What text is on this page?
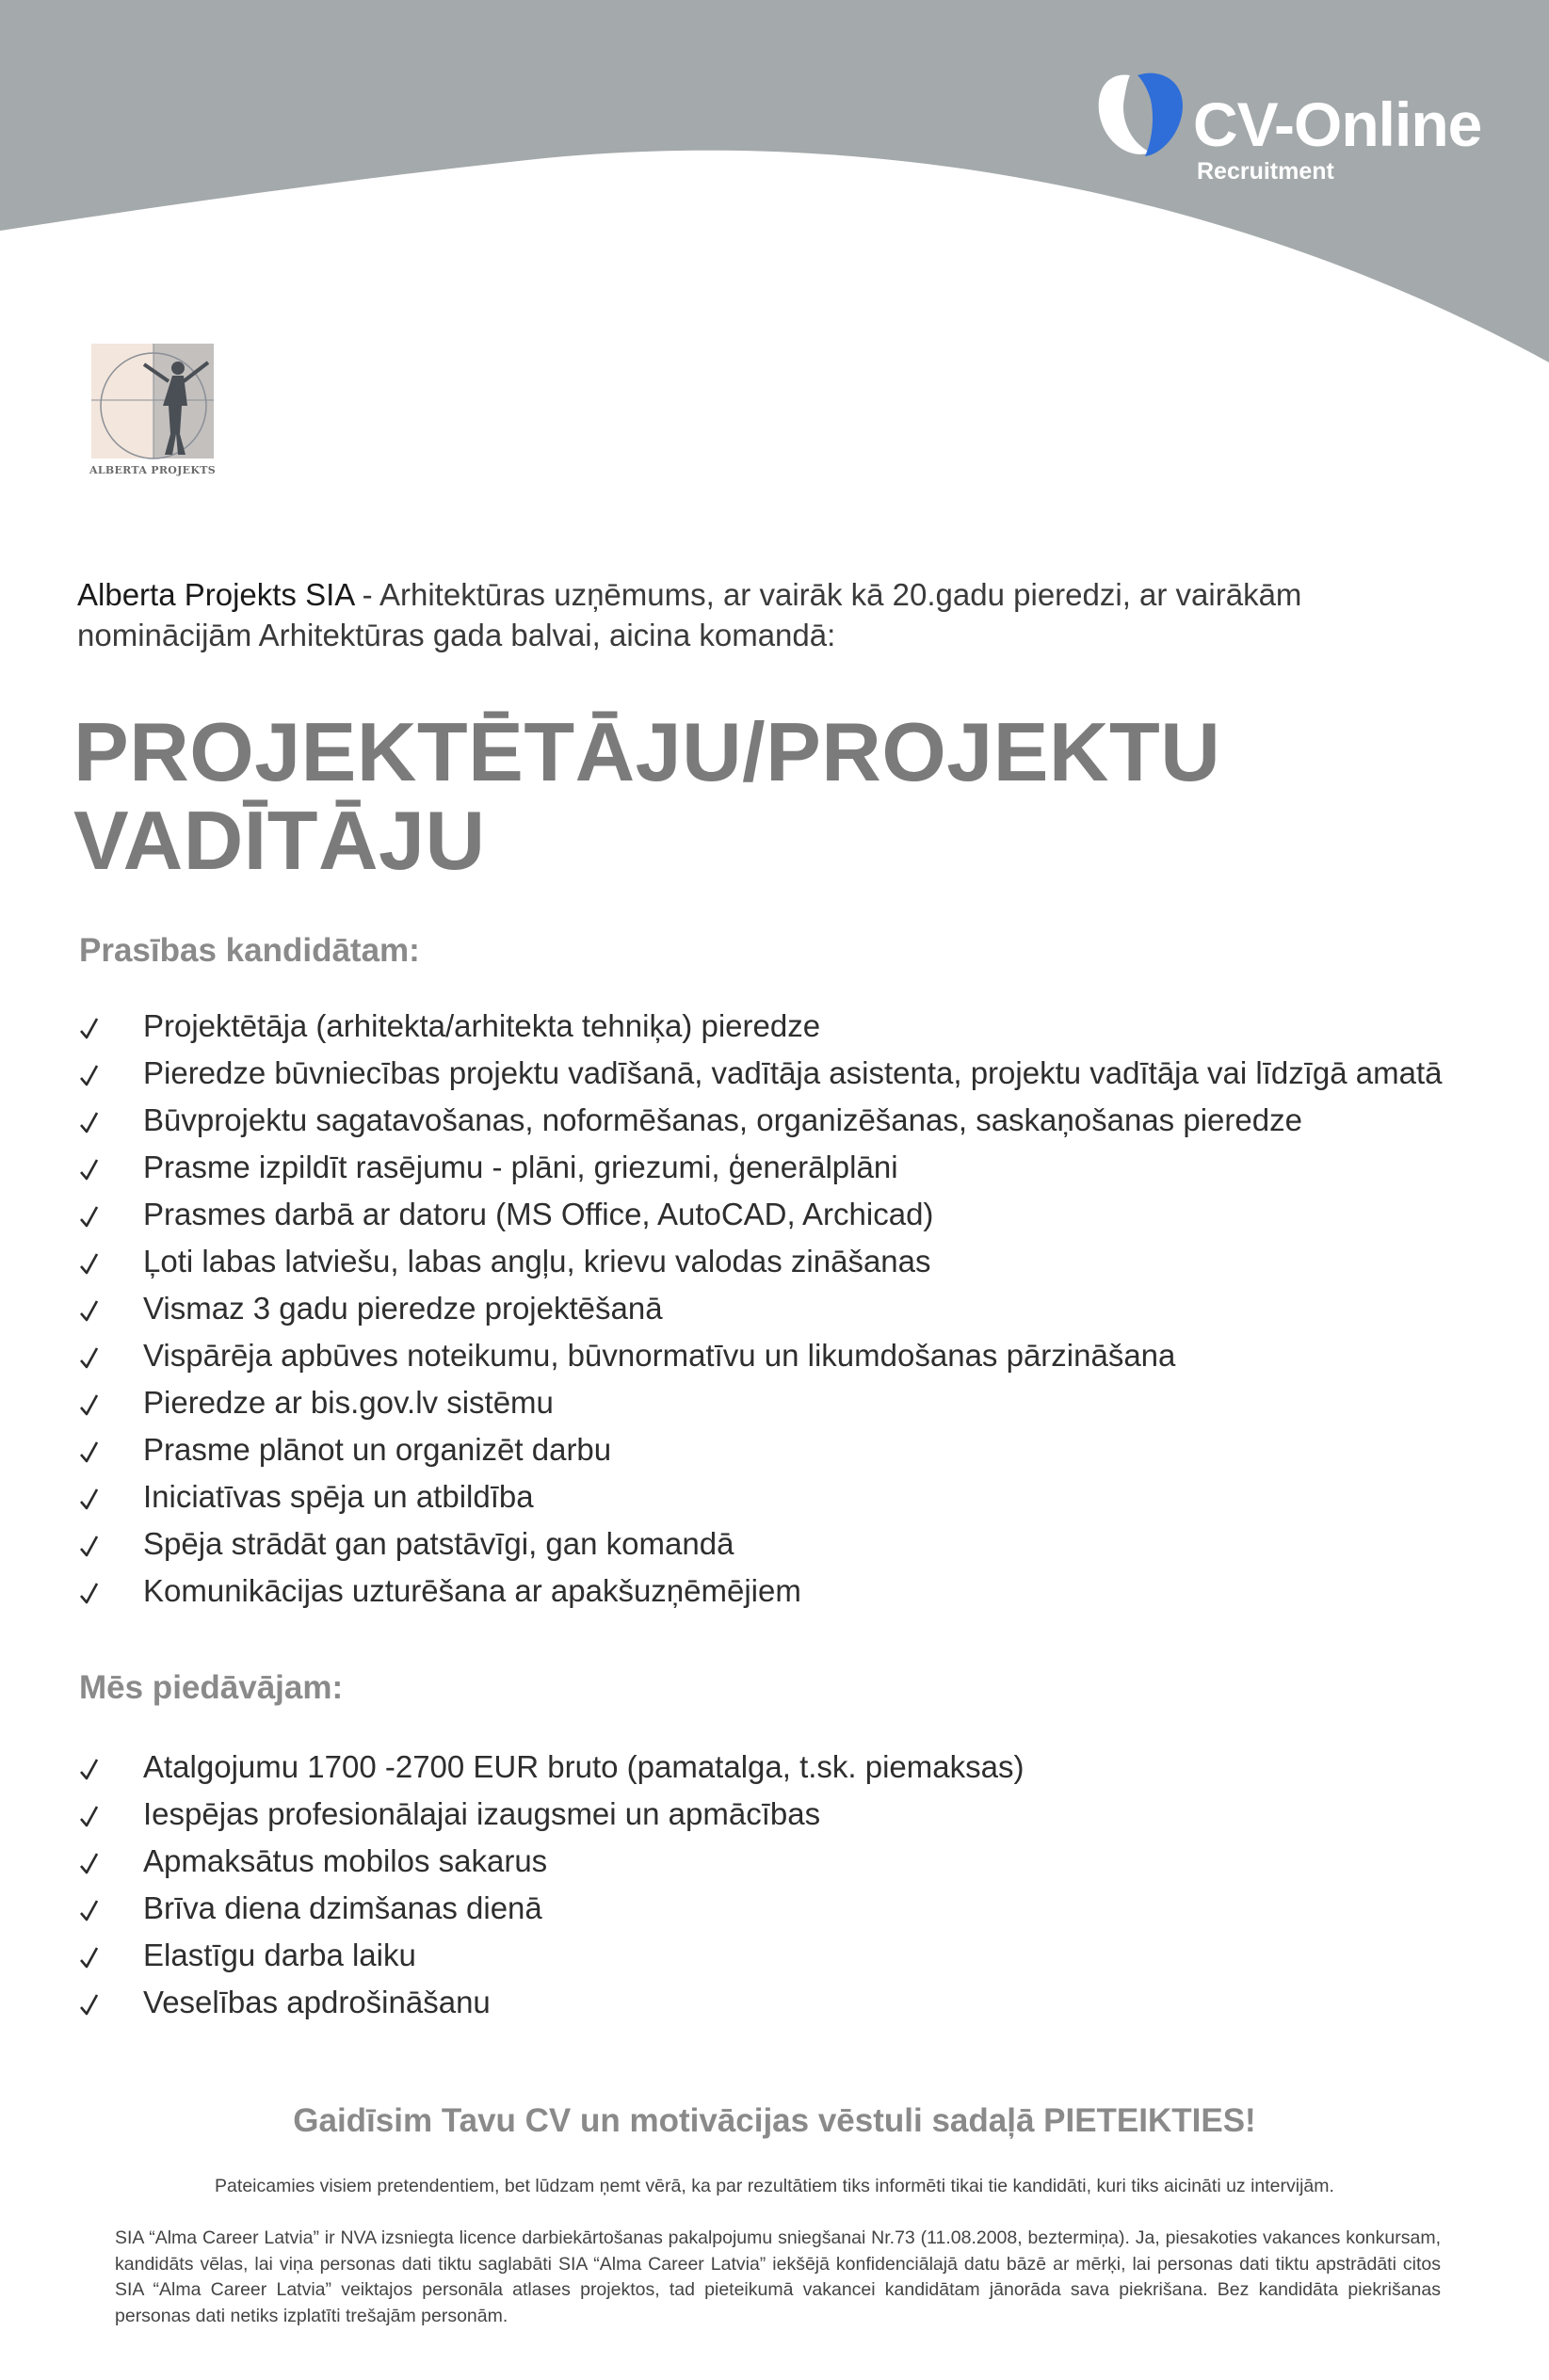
CV-Online
Recruitment
ALBERTA PROJEKTS
Alberta Projekts SIA - Arhitektūras uzņēmums, ar vairāk kā 20.gadu pieredzi, ar vairākām nominācijām Arhitektūras gada balvai, aicina komandā:
PROJEKTĒTĀJU/PROJEKTU
VADĪTĀJU
Prasības kandidātam:
Projektētāja (arhitekta/arhitekta tehniķa) pieredze
Pieredze būvniecības projektu vadīšanā, vadītāja asistenta, projektu vadītāja vai līdzīgā amatā
Būvprojektu sagatavošanas, noformēšanas, organizēšanas, saskaņošanas pieredze
Prasme izpildīt rasējumu - plāni, griezumi, ģenerālplāni
Prasmes darbā ar datoru (MS Office, AutoCAD, Archicad)
Ļoti labas latviešu, labas angļu, krievu valodas zināšanas
Vismaz 3 gadu pieredze projektēšanā
Vispārēja apbūves noteikumu, būvnormatīvu un likumdošanas pārzināšana
Pieredze ar bis.gov.lv sistēmu
Prasme plānot un organizēt darbu
Iniciatīvas spēja un atbildība
Spēja strādāt gan patstāvīgi, gan komandā
Komunikācijas uzturēšana ar apakšuzņēmējiem
Mēs piedāvājam:
Atalgojumu 1700 -2700 EUR bruto (pamatalga, t.sk. piemaksas)
Iespējas profesionālajai izaugsmei un apmācības
Apmaksātus mobilos sakarus
Brīva diena dzimšanas dienā
Elastīgu darba laiku
Veselības apdrošināšanu

Gaidīsim Tavu CV un motivācijas vēstuli sadaļā PIETEIKTIES!

Pateicamies visiem pretendentiem, bet lūdzam ņemt vērā, ka par rezultātiem tiks informēti tikai tie kandidāti, kuri tiks aicināti uz intervijām.

SIA “Alma Career Latvia” ir NVA izsniegta licence darbiekārtošanas pakalpojumu sniegšanai Nr.73 (11.08.2008, beztermiņa). Ja, piesakoties vakances konkursam, kandidāts vēlas, lai viņa personas dati tiktu saglabāti SIA “Alma Career Latvia” iekšējā konfidenciālajā datu bāzē ar mērķi, lai personas dati tiktu apstrādāti citos SIA “Alma Career Latvia” veiktajos personāla atlases projektos, tad pieteikumā vakancei kandidātam jānorāda sava piekrišana. Bez kandidāta piekrišanas personas dati netiks izplatīti trešajām personām.
